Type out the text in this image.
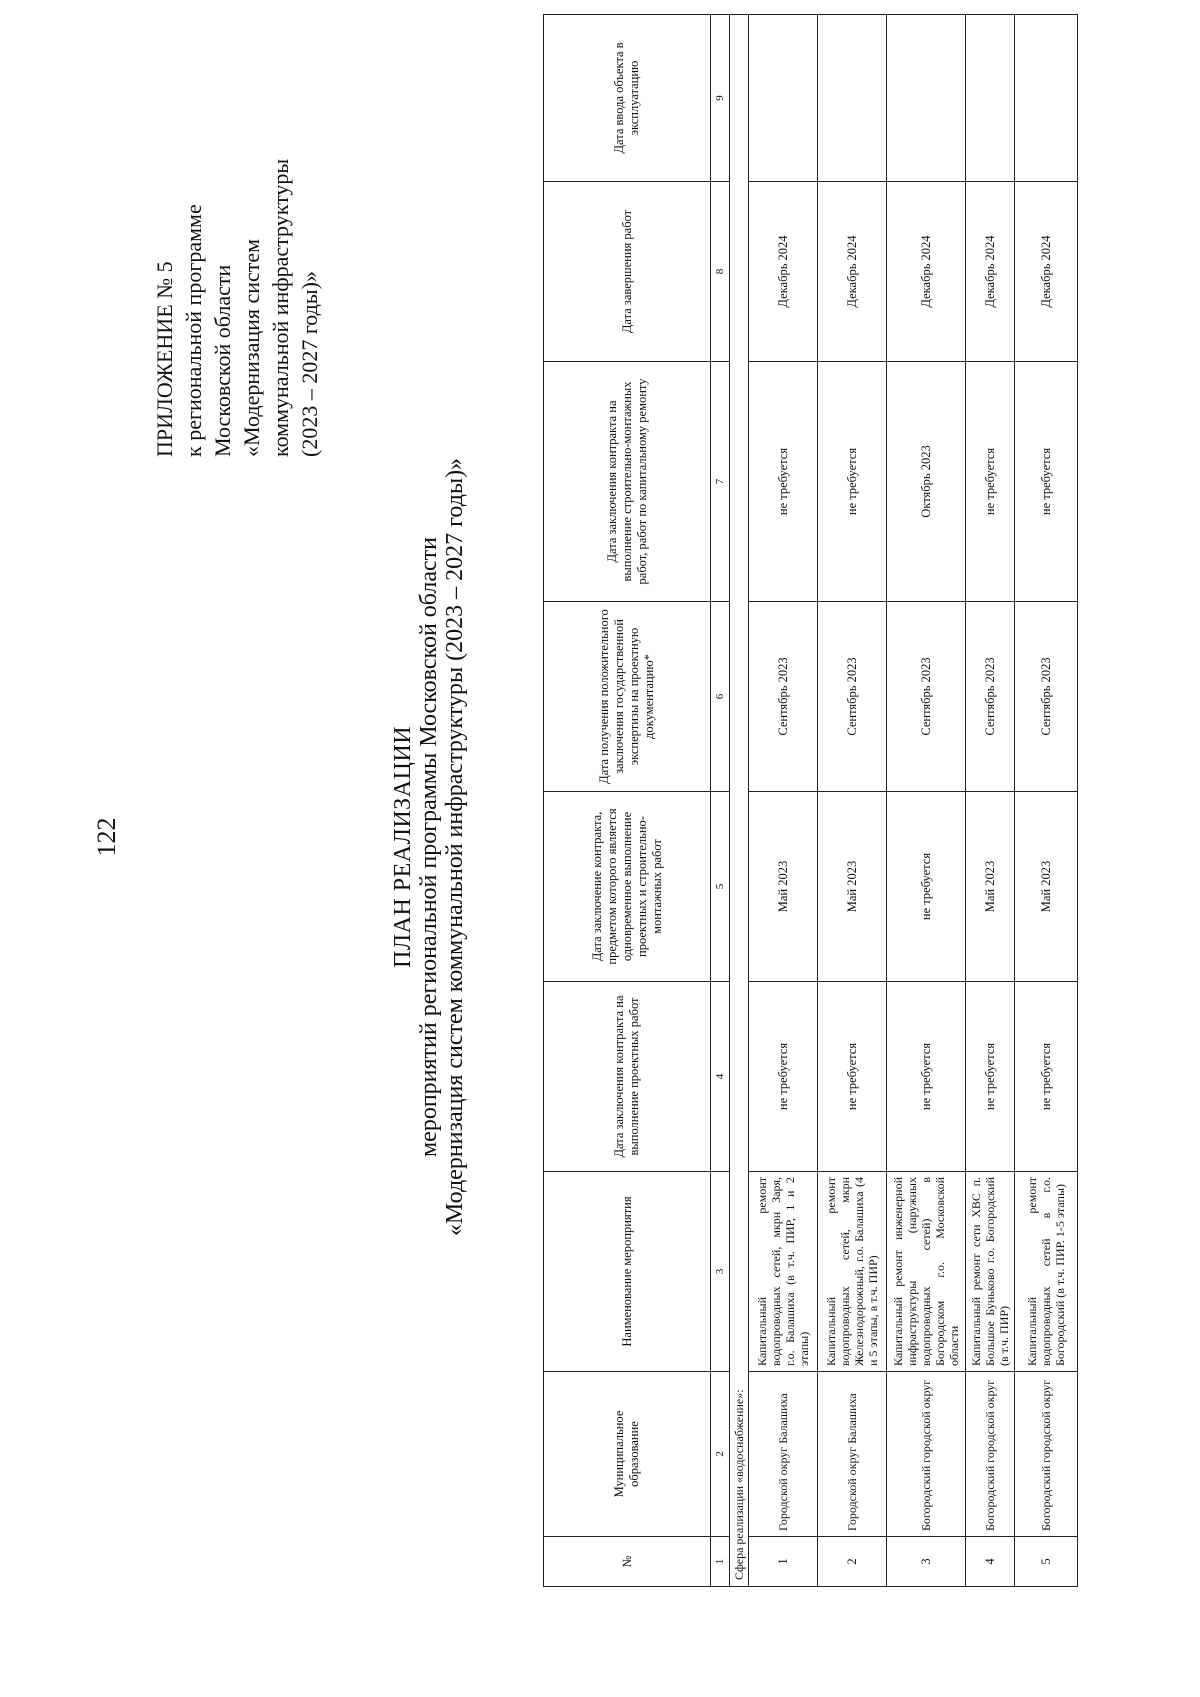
122
ПРИЛОЖЕНИЕ № 5 к региональной программе Московской области «Модернизация систем коммунальной инфраструктуры (2023 – 2027 годы)»
ПЛАН РЕАЛИЗАЦИИ мероприятий региональной программы Московской области «Модернизация систем коммунальной инфраструктуры (2023 – 2027 годы)»
№	Муниципальное образование	Наименование мероприятия	Дата заключения контракта на выполнение проектных работ	Дата заключение контракта, предметом которого является одновременное выполнение проектных и строительно-монтажных работ	Дата получения положительного заключения государственной экспертизы на проектную документацию*	Дата заключения контракта на выполнение строительно-монтажных работ, работ по капитальному ремонту	Дата завершения работ	Дата ввода объекта в эксплуатацию
1	2	3	4	5	6	7	8	9
Сфера реализации «водоснабжение»:								
1	Городской округ Балашиха	Капитальный ремонт водопроводных сетей, мкрн Заря, г.о. Балашиха (в т.ч. ПИР, 1 и 2 этапы)	не требуется	Май 2023	Сентябрь 2023	не требуется	Декабрь 2024	
2	Городской округ Балашиха	Капитальный ремонт водопроводных сетей, мкрн Железнодорожный, г.о. Балашиха (4 и 5 этапы, в т.ч. ПИР)	не требуется	Май 2023	Сентябрь 2023	не требуется	Декабрь 2024	
3	Богородский городской округ	Капитальный ремонт инженерной инфраструктуры (наружных водопроводных сетей) в Богородском г.о. Московской области	не требуется	не требуется	Сентябрь 2023	Октябрь 2023	Декабрь 2024	
4	Богородский городской округ	Капитальный ремонт сети ХВС п. Большое Буньково г.о. Богородский (в т.ч. ПИР)	не требуется	Май 2023	Сентябрь 2023	не требуется	Декабрь 2024	
5	Богородский городской округ	Капитальный ремонт водопроводных сетей в г.о. Богородский (в т.ч. ПИР. 1-5 этапы)	не требуется	Май 2023	Сентябрь 2023	не требуется	Декабрь 2024	
